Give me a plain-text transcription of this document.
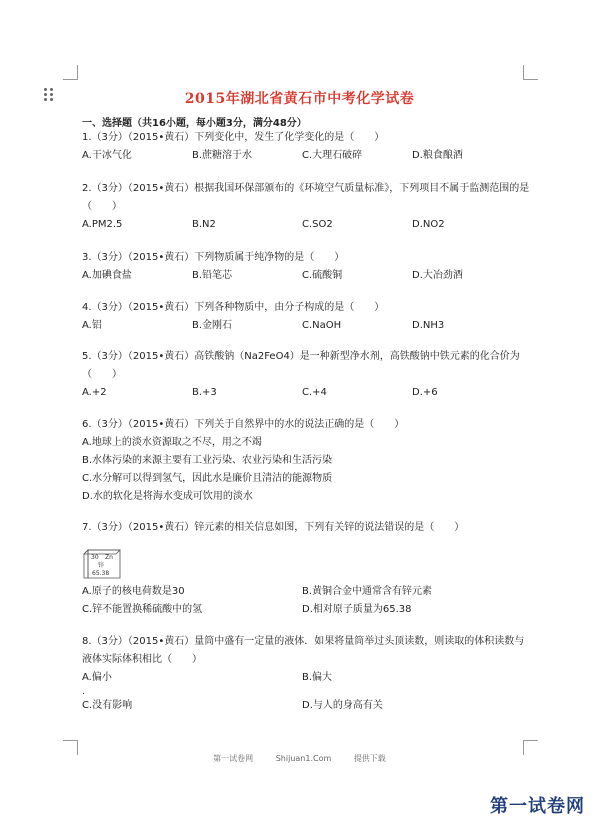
2015年湖北省黄石市中考化学试卷
一、选择题（共16小题，每小题3分，满分48分）
1.（3分）（2015•黄石）下列变化中，发生了化学变化的是（　　）
A.干冰气化	B.蔗糖溶于水	C.大理石破碎	D.粮食酿酒
2.（3分）（2015•黄石）根据我国环保部颁布的《环境空气质量标准》，下列项目不属于监测范围的是（　　）
A.PM2.5	B.N2	C.SO2	D.NO2
3.（3分）（2015•黄石）下列物质属于纯净物的是（　　）
A.加碘食盐	B.铅笔芯	C.硫酸铜	D.大冶劲酒
4.（3分）（2015•黄石）下列各种物质中，由分子构成的是（　　）
A.铝	B.金刚石	C.NaOH	D.NH3
5.（3分）（2015•黄石）高铁酸钠（Na2FeO4）是一种新型净水剂，高铁酸钠中铁元素的化合价为（　　）
A.+2	B.+3	C.+4	D.+6
6.（3分）（2015•黄石）下列关于自然界中的水的说法正确的是（　　）
A.地球上的淡水资源取之不尽，用之不竭
B.水体污染的来源主要有工业污染、农业污染和生活污染
C.水分解可以得到氢气，因此水是廉价且清洁的能源物质
D.水的软化是将海水变成可饮用的淡水
7.（3分）（2015•黄石）锌元素的相关信息如图，下列有关锌的说法错误的是（　　）
30 Zn
锌
65.38
A.原子的核电荷数是30	B.黄铜合金中通常含有锌元素
C.锌不能置换稀硫酸中的氢	D.相对原子质量为65.38
8.（3分）（2015•黄石）量筒中盛有一定量的液体．如果将量筒举过头顶读数，则读取的体积读数与液体实际体积相比（　　）
A.偏小	B.偏大
.
C.没有影响	D.与人的身高有关
第一试卷网	Shijuan1.Com	提供下载
第一试卷网
